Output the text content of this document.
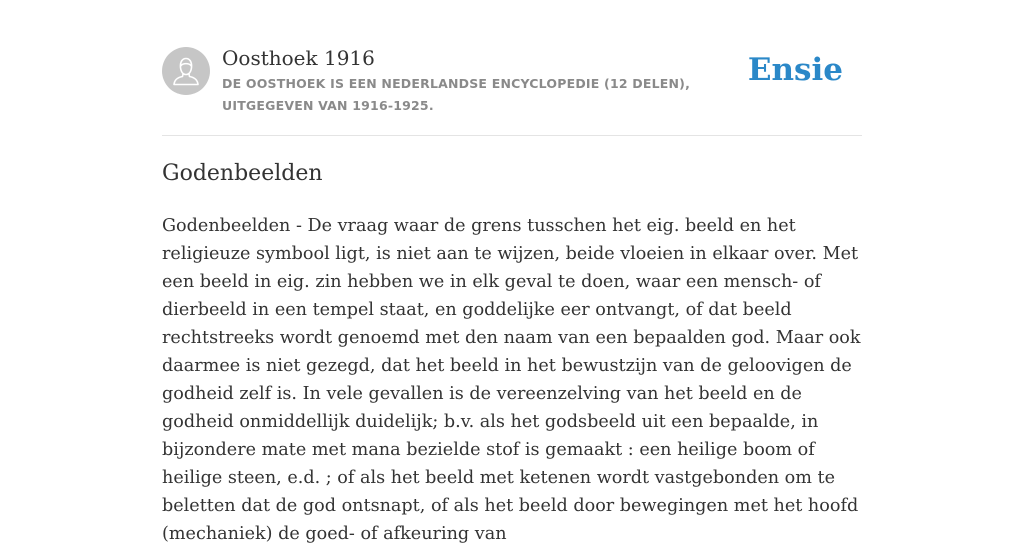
Oosthoek 1916
DE OOSTHOEK IS EEN NEDERLANDSE ENCYCLOPEDIE (12 DELEN), UITGEGEVEN VAN 1916-1925.
Ensie
Godenbeelden

Godenbeelden - De vraag waar de grens tusschen het eig. beeld en het religieuze symbool ligt, is niet aan te wijzen, beide vloeien in elkaar over. Met een beeld in eig. zin hebben we in elk geval te doen, waar een mensch- of dierbeeld in een tempel staat, en goddelijke eer ontvangt, of dat beeld rechtstreeks wordt genoemd met den naam van een bepaalden god. Maar ook daarmee is niet gezegd, dat het beeld in het bewustzijn van de geloovigen de godheid zelf is. In vele gevallen is de vereenzelving van het beeld en de godheid onmiddellijk duidelijk; b.v. als het godsbeeld uit een bepaalde, in bijzondere mate met mana bezielde stof is gemaakt : een heilige boom of heilige steen, e.d. ; of als het beeld met ketenen wordt vastgebonden om te beletten dat de god ontsnapt, of als het beeld door bewegingen met het hoofd (mechaniek) de goed- of afkeuring van
